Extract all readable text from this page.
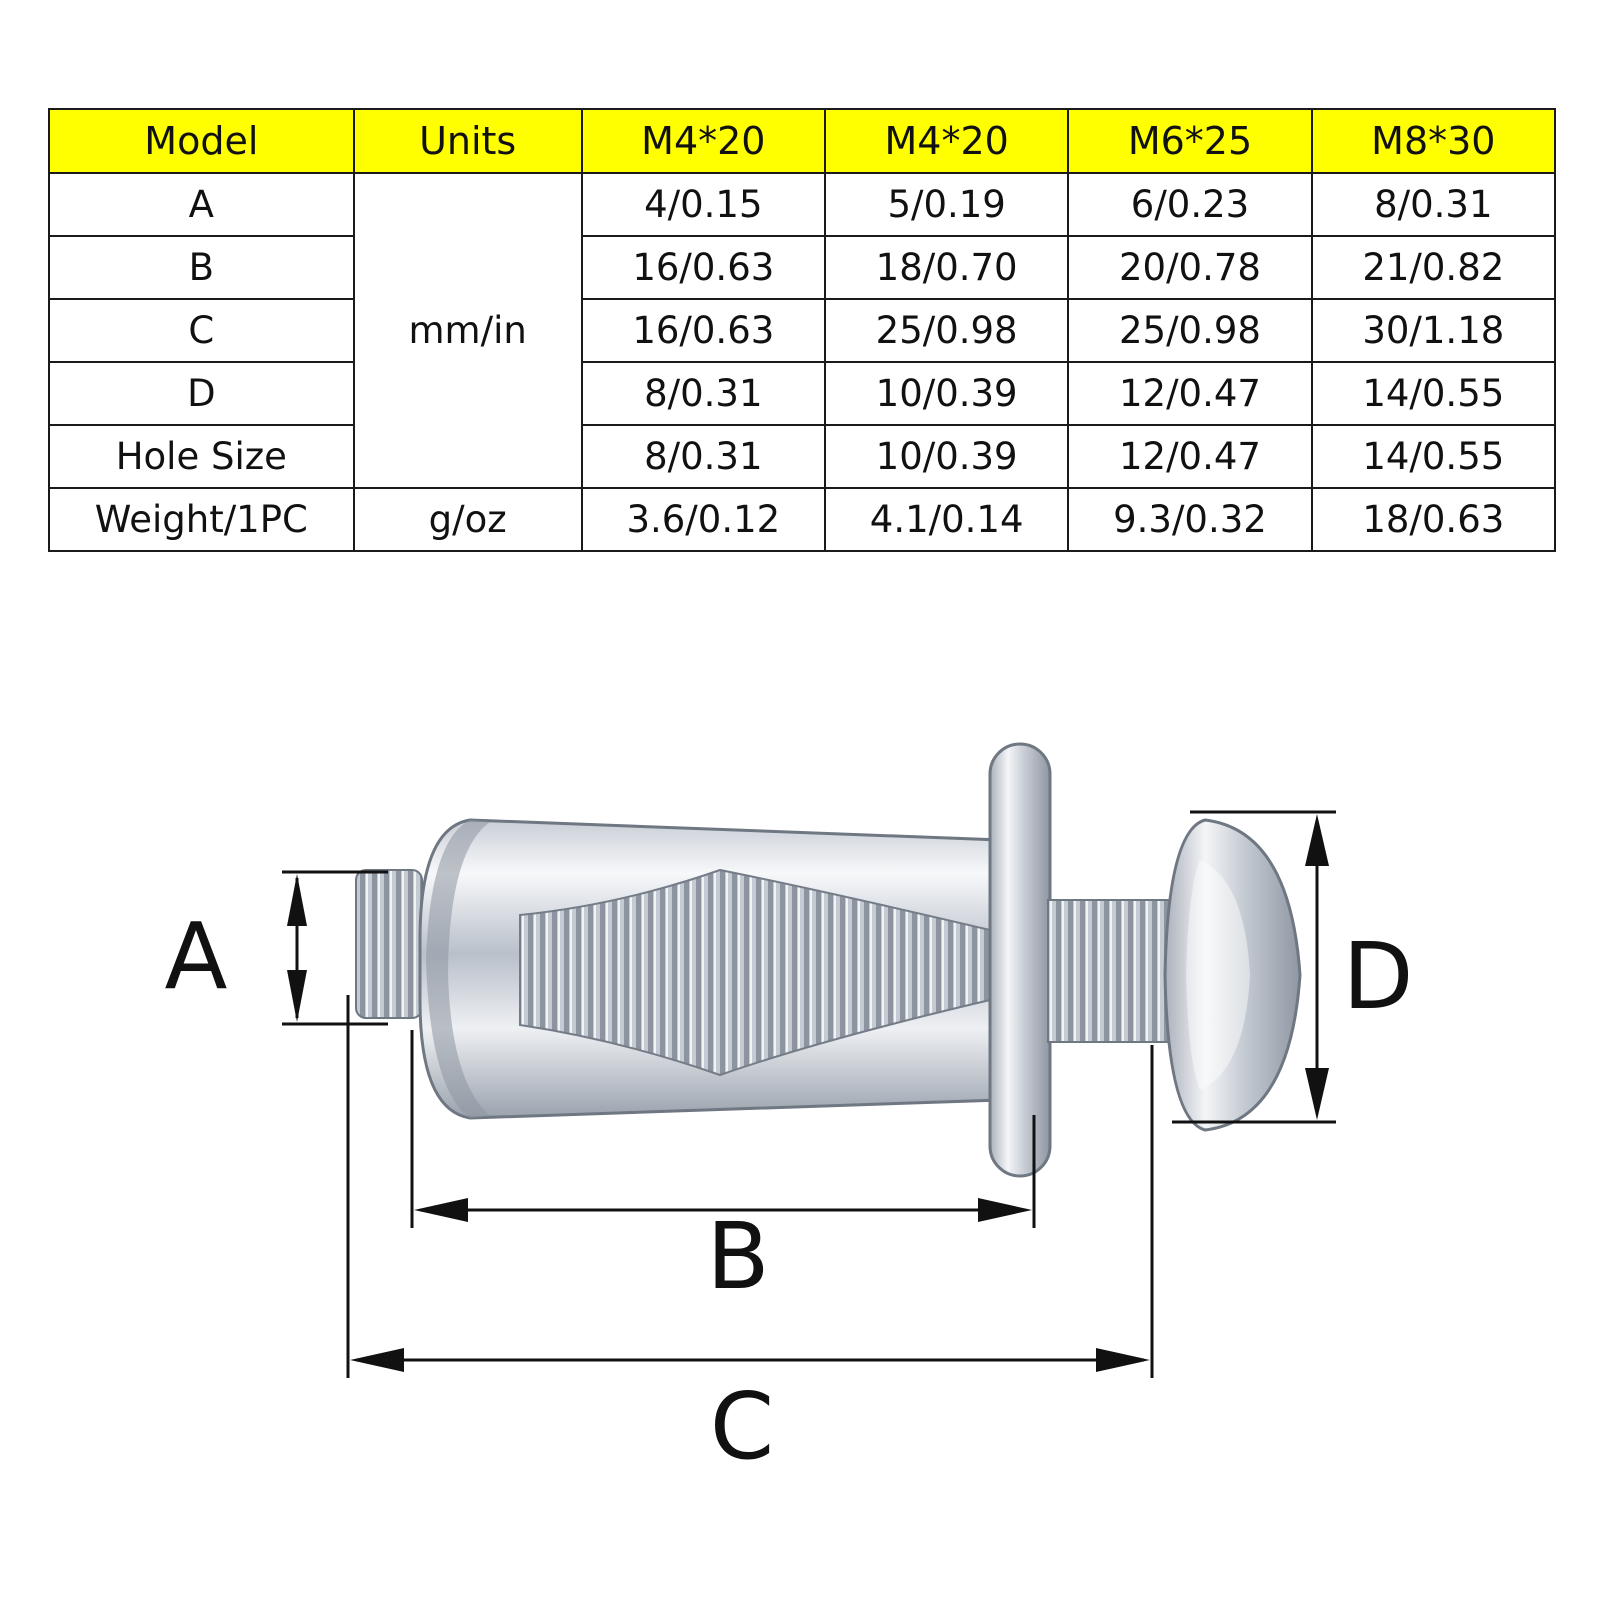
Model	Units	M4*20	M4*20	M6*25	M8*30
A	mm/in	4/0.15	5/0.19	6/0.23	8/0.31
B		16/0.63	18/0.70	20/0.78	21/0.82
C		16/0.63	25/0.98	25/0.98	30/1.18
D		8/0.31	10/0.39	12/0.47	14/0.55
Hole Size		8/0.31	10/0.39	12/0.47	14/0.55
Weight/1PC	g/oz	3.6/0.12	4.1/0.14	9.3/0.32	18/0.63
A
B
C
D
